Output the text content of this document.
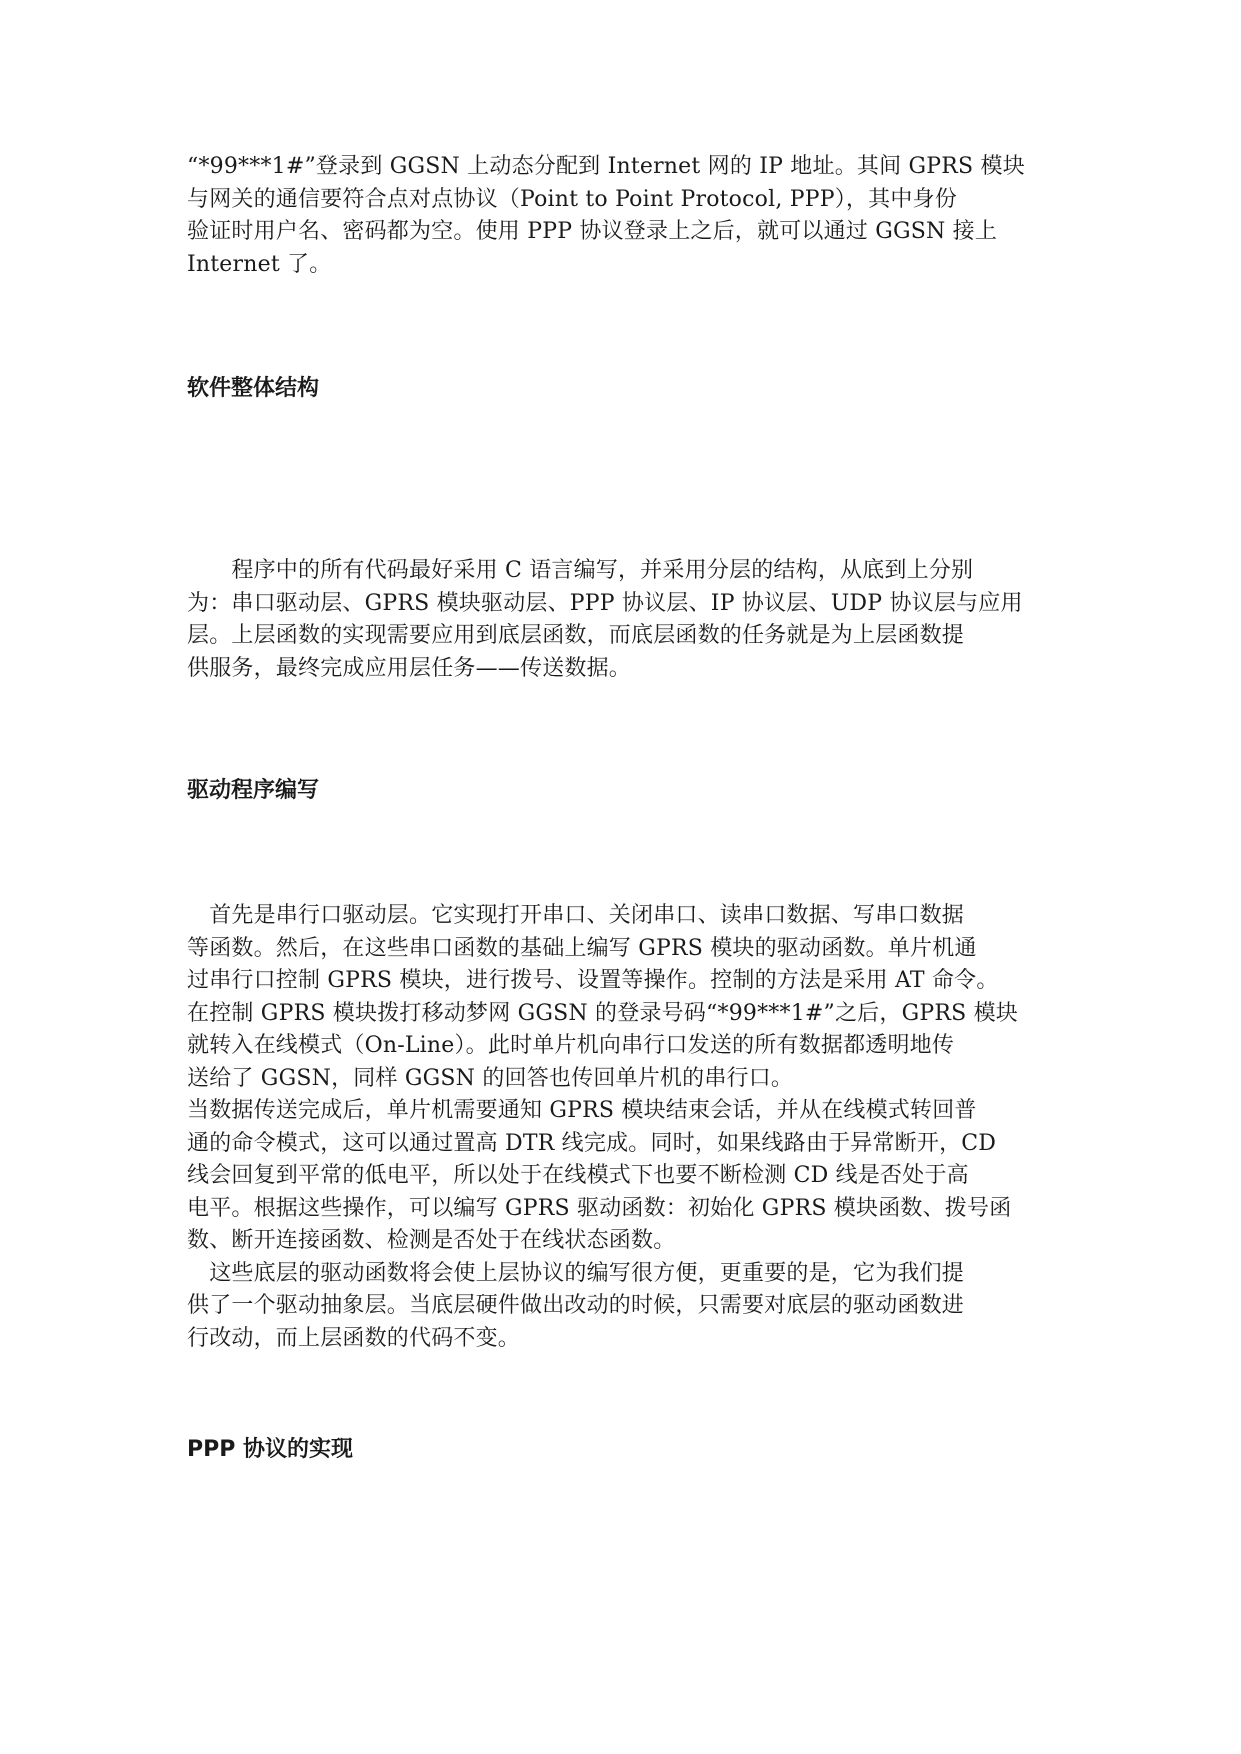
“*99***1#”登录到 GGSN 上动态分配到 Internet 网的 IP 地址。其间 GPRS 模块
与网关的通信要符合点对点协议（Point to Point Protocol, PPP），其中身份
验证时用户名、密码都为空。使用 PPP 协议登录上之后，就可以通过 GGSN 接上
Internet 了。
软件整体结构
　　程序中的所有代码最好采用 C 语言编写，并采用分层的结构，从底到上分别
为：串口驱动层、GPRS 模块驱动层、PPP 协议层、IP 协议层、UDP 协议层与应用
层。上层函数的实现需要应用到底层函数，而底层函数的任务就是为上层函数提
供服务，最终完成应用层任务——传送数据。
驱动程序编写
　首先是串行口驱动层。它实现打开串口、关闭串口、读串口数据、写串口数据
等函数。然后，在这些串口函数的基础上编写 GPRS 模块的驱动函数。单片机通
过串行口控制 GPRS 模块，进行拨号、设置等操作。控制的方法是采用 AT 命令。
在控制 GPRS 模块拨打移动梦网 GGSN 的登录号码“*99***1#”之后，GPRS 模块
就转入在线模式（On-Line）。此时单片机向串行口发送的所有数据都透明地传
送给了 GGSN，同样 GGSN 的回答也传回单片机的串行口。
当数据传送完成后，单片机需要通知 GPRS 模块结束会话，并从在线模式转回普
通的命令模式，这可以通过置高 DTR 线完成。同时，如果线路由于异常断开，CD
线会回复到平常的低电平，所以处于在线模式下也要不断检测 CD 线是否处于高
电平。根据这些操作，可以编写 GPRS 驱动函数：初始化 GPRS 模块函数、拨号函
数、断开连接函数、检测是否处于在线状态函数。
　这些底层的驱动函数将会使上层协议的编写很方便，更重要的是，它为我们提
供了一个驱动抽象层。当底层硬件做出改动的时候，只需要对底层的驱动函数进
行改动，而上层函数的代码不变。
PPP 协议的实现
